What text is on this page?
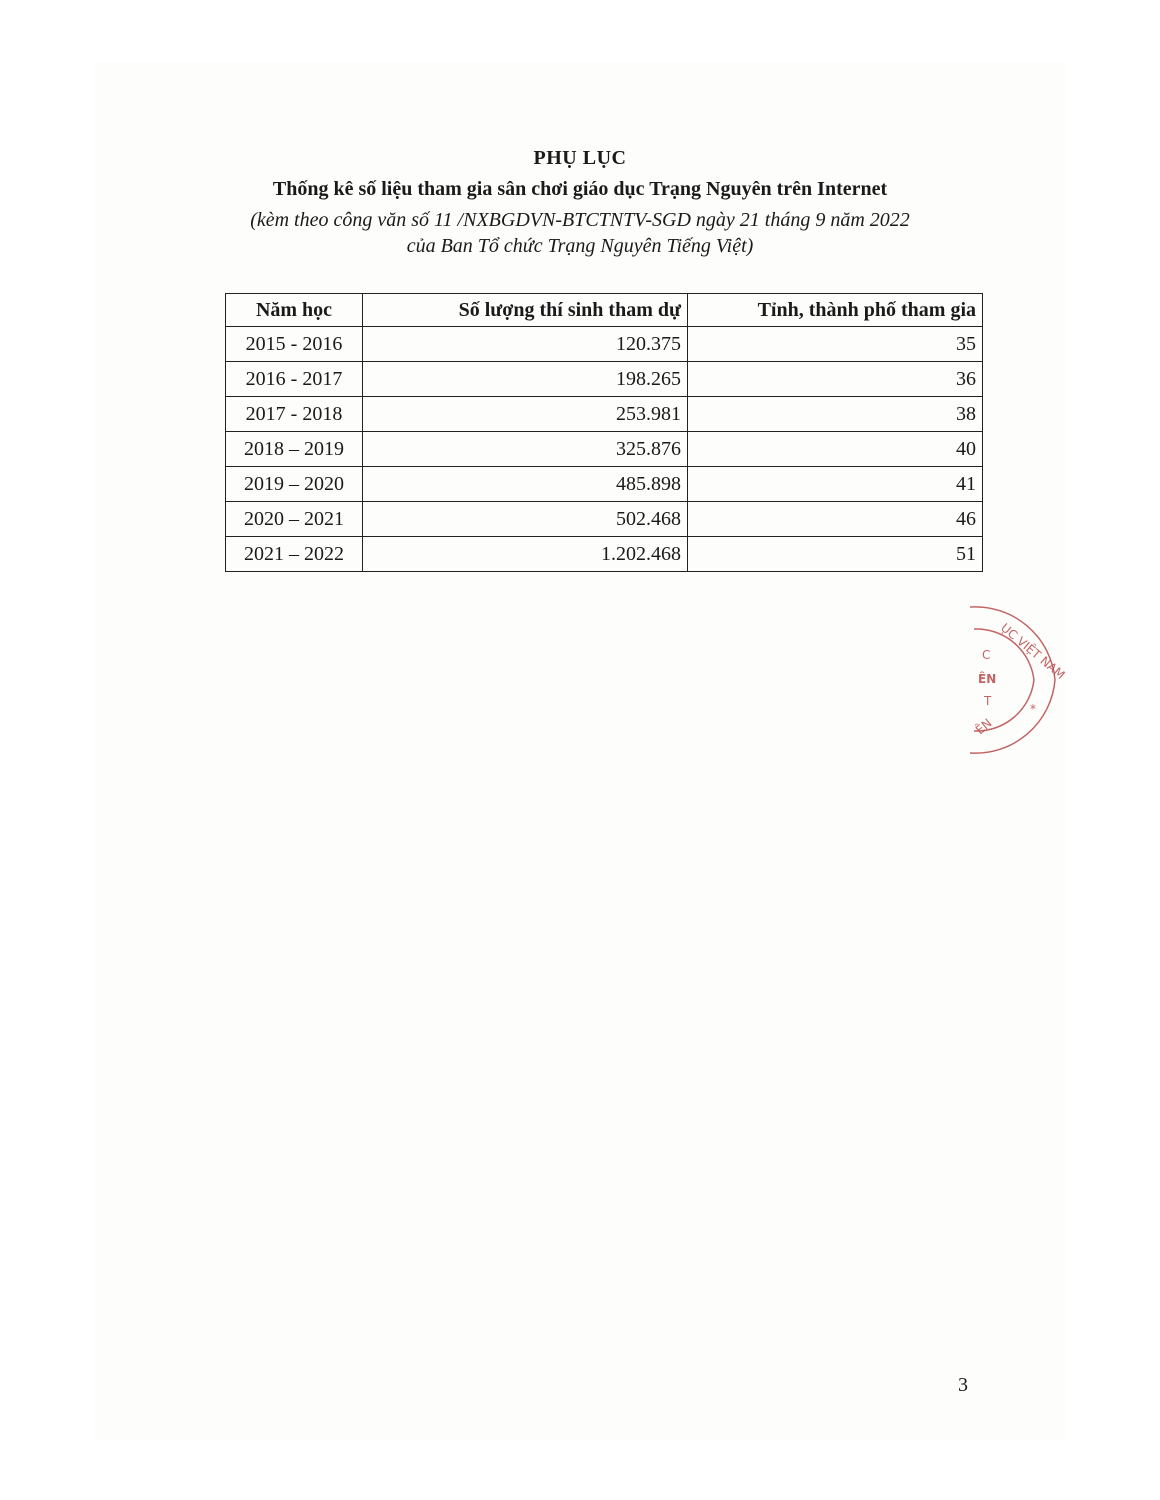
PHỤ LỤC
Thống kê số liệu tham gia sân chơi giáo dục Trạng Nguyên trên Internet
(kèm theo công văn số 11 /NXBGDVN-BTCTNTV-SGD ngày 21 tháng 9 năm 2022
của Ban Tổ chức Trạng Nguyên Tiếng Việt)
Năm học	Số lượng thí sinh tham dự	Tỉnh, thành phố tham gia
2015 - 2016	120.375	35
2016 - 2017	198.265	36
2017 - 2018	253.981	38
2018 – 2019	325.876	40
2019 – 2020	485.898	41
2020 – 2021	502.468	46
2021 – 2022	1.202.468	51
ỤC VIỆT NAM
C
ÊN
T
*
ÊN
3
